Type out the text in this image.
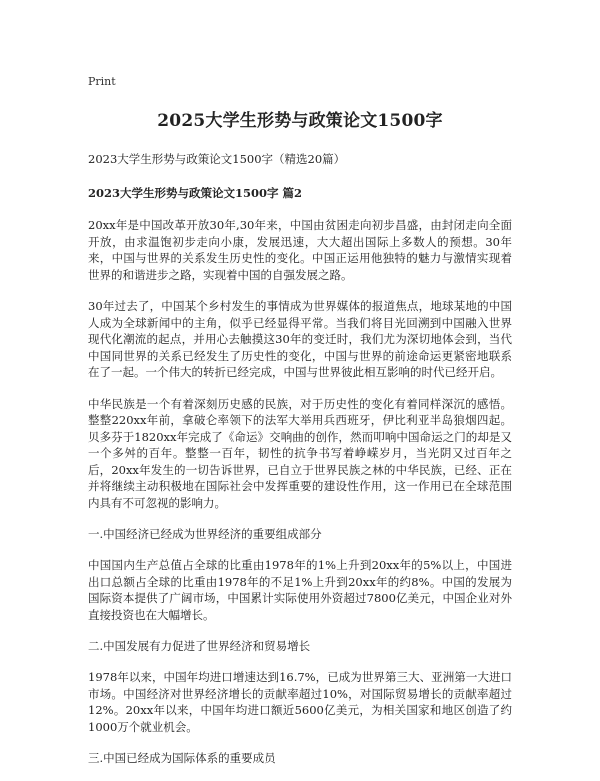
Print
2025大学生形势与政策论文1500字

2023大学生形势与政策论文1500字（精选20篇）

2023大学生形势与政策论文1500字 篇2

20xx年是中国改革开放30年,30年来，中国由贫困走向初步昌盛，由封闭走向全面开放，由求温饱初步走向小康，发展迅速，大大超出国际上多数人的预想。30年来，中国与世界的关系发生历史性的变化。中国正运用他独特的魅力与激情实现着世界的和谐进步之路，实现着中国的自强发展之路。

30年过去了，中国某个乡村发生的事情成为世界媒体的报道焦点，地球某地的中国人成为全球新闻中的主角，似乎已经显得平常。当我们将目光回溯到中国融入世界现代化潮流的起点，并用心去触摸这30年的变迁时，我们尤为深切地体会到，当代中国同世界的关系已经发生了历史性的变化，中国与世界的前途命运更紧密地联系在了一起。一个伟大的转折已经完成，中国与世界彼此相互影响的时代已经开启。

中华民族是一个有着深刻历史感的民族，对于历史性的变化有着同样深沉的感悟。整整220xx年前，拿破仑率领下的法军大举用兵西班牙，伊比利亚半岛狼烟四起。贝多芬于1820xx年完成了《命运》交响曲的创作，然而叩响中国命运之门的却是又一个多舛的百年。整整一百年，韧性的抗争书写着峥嵘岁月，当光阴又过百年之后，20xx年发生的一切告诉世界，已自立于世界民族之林的中华民族，已经、正在并将继续主动积极地在国际社会中发挥重要的建设性作用，这一作用已在全球范围内具有不可忽视的影响力。

一.中国经济已经成为世界经济的重要组成部分

中国国内生产总值占全球的比重由1978年的1%上升到20xx年的5%以上，中国进出口总额占全球的比重由1978年的不足1%上升到20xx年的约8%。中国的发展为国际资本提供了广阔市场，中国累计实际使用外资超过7800亿美元，中国企业对外直接投资也在大幅增长。

二.中国发展有力促进了世界经济和贸易增长

1978年以来，中国年均进口增速达到16.7%，已成为世界第三大、亚洲第一大进口市场。中国经济对世界经济增长的贡献率超过10%，对国际贸易增长的贡献率超过12%。20xx年以来，中国年均进口额近5600亿美元，为相关国家和地区创造了约1000万个就业机会。

三.中国已经成为国际体系的重要成员
